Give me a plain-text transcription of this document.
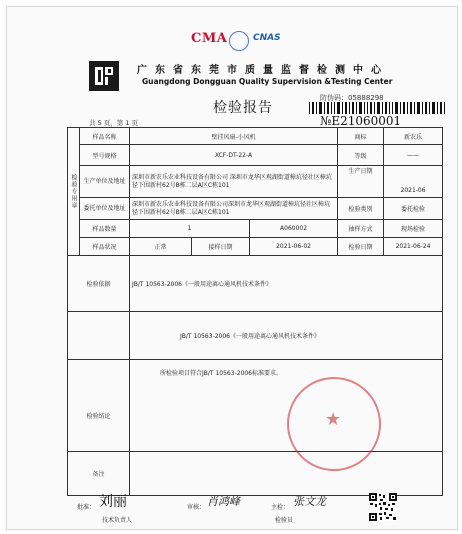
CMA	CNAS
广东省东莞市质量监督检测中心
Guangdong Dongguan Quality Supervision &Testing Center
检验报告
防伪码：05888298
№E21060001
共 5 页，第 1 页
检验专用章	样品名称	壁挂风扇-小风机			商标	新农乐
	型号规格	XCF-DT-22-A			等级	——
	生产单位及地址	深圳市新农乐农业科技设备有限公司 深圳市龙华区观湖街道樟坑径社区樟坑径下围新村62号B栋二层A区C栋101			生产日期	2021-06
	委托单位及地址	深圳市新农乐农业科技设备有限公司深圳市龙华区观湖街道樟坑径社区樟坑径下围新村62号B栋二层A区C栋101			检验类别	委托检验
	样品数量	1		A060002	抽样方式	现场检验
	样品状况	正常	接样日期	2021-06-02	检验日期	2021-06-24
检验依据		JB/T 10563-2006《一般用途离心通风机技术条件》				
		JB/T 10563-2006《一般用途离心通风机技术条件》				
检验结论		所检验项目符合JB/T 10563-2006标准要求。				
备注						
★
批准： 刘丽
技术负责人
审核： 肖鸿峰	主检： 张文龙
检验员
